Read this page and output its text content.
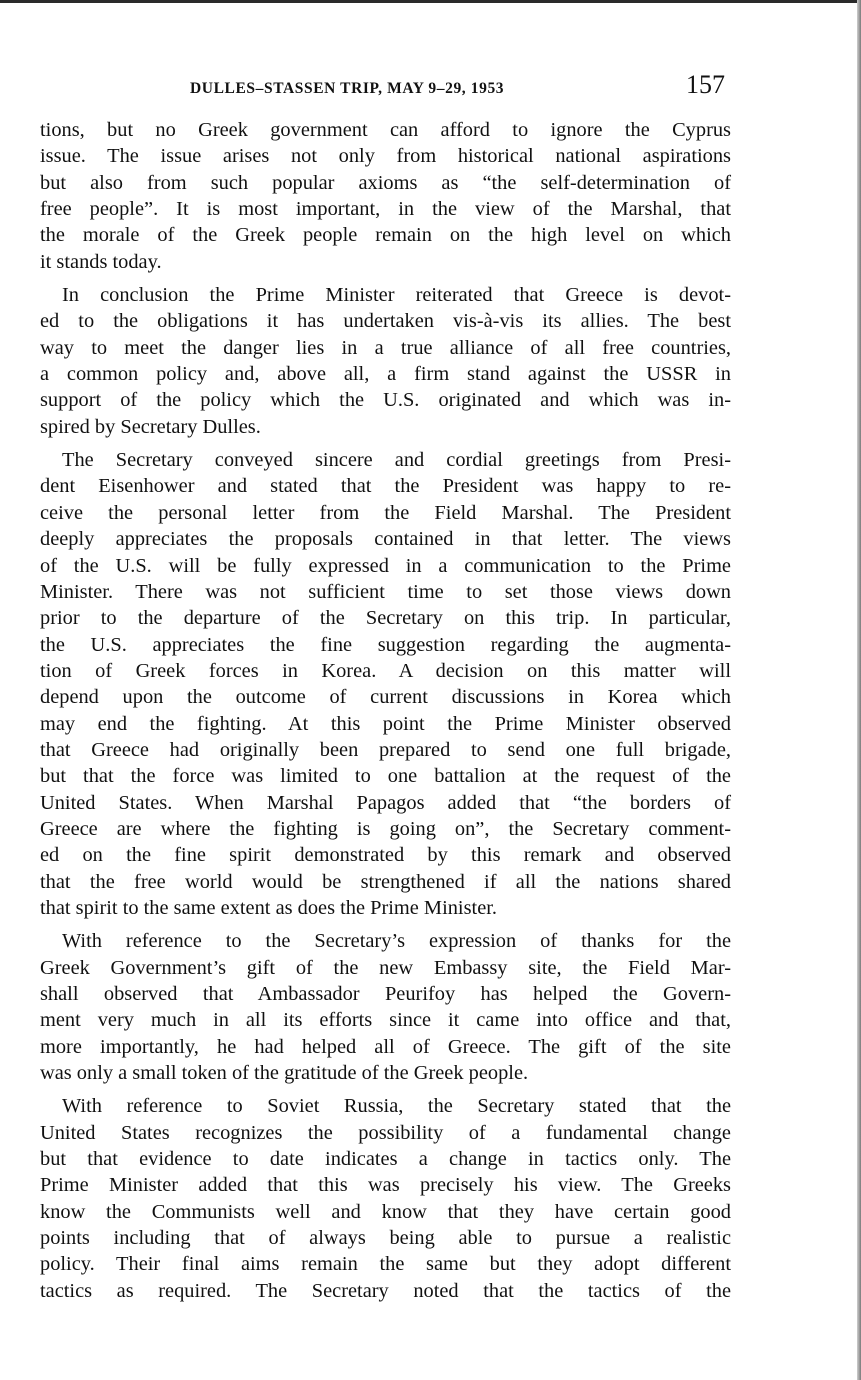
DULLES–STASSEN TRIP, MAY 9–29, 1953	157

tions, but no Greek government can afford to ignore the Cyprus
issue. The issue arises not only from historical national aspirations
but also from such popular axioms as “the self-determination of
free people”. It is most important, in the view of the Marshal, that
the morale of the Greek people remain on the high level on which
it stands today.

In conclusion the Prime Minister reiterated that Greece is devot-
ed to the obligations it has undertaken vis-à-vis its allies. The best
way to meet the danger lies in a true alliance of all free countries,
a common policy and, above all, a firm stand against the USSR in
support of the policy which the U.S. originated and which was in-
spired by Secretary Dulles.

The Secretary conveyed sincere and cordial greetings from Presi-
dent Eisenhower and stated that the President was happy to re-
ceive the personal letter from the Field Marshal. The President
deeply appreciates the proposals contained in that letter. The views
of the U.S. will be fully expressed in a communication to the Prime
Minister. There was not sufficient time to set those views down
prior to the departure of the Secretary on this trip. In particular,
the U.S. appreciates the fine suggestion regarding the augmenta-
tion of Greek forces in Korea. A decision on this matter will
depend upon the outcome of current discussions in Korea which
may end the fighting. At this point the Prime Minister observed
that Greece had originally been prepared to send one full brigade,
but that the force was limited to one battalion at the request of the
United States. When Marshal Papagos added that “the borders of
Greece are where the fighting is going on”, the Secretary comment-
ed on the fine spirit demonstrated by this remark and observed
that the free world would be strengthened if all the nations shared
that spirit to the same extent as does the Prime Minister.

With reference to the Secretary’s expression of thanks for the
Greek Government’s gift of the new Embassy site, the Field Mar-
shall observed that Ambassador Peurifoy has helped the Govern-
ment very much in all its efforts since it came into office and that,
more importantly, he had helped all of Greece. The gift of the site
was only a small token of the gratitude of the Greek people.

With reference to Soviet Russia, the Secretary stated that the
United States recognizes the possibility of a fundamental change
but that evidence to date indicates a change in tactics only. The
Prime Minister added that this was precisely his view. The Greeks
know the Communists well and know that they have certain good
points including that of always being able to pursue a realistic
policy. Their final aims remain the same but they adopt different
tactics as required. The Secretary noted that the tactics of the
